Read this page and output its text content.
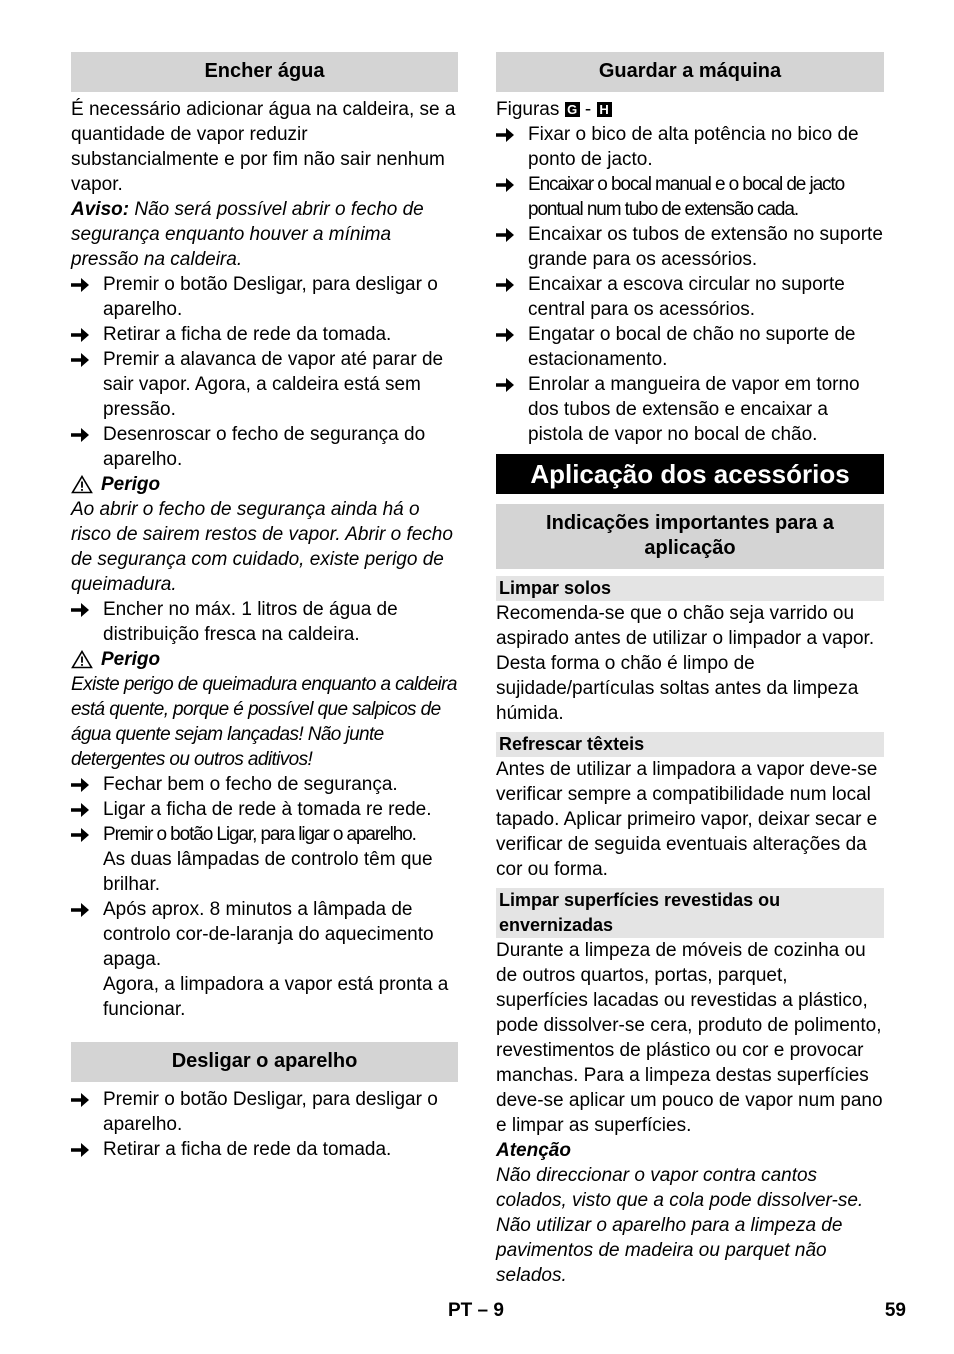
Encher água

É necessário adicionar água na caldeira, se a quantidade de vapor reduzir substancialmente e por fim não sair nenhum vapor.

Aviso: Não será possível abrir o fecho de segurança enquanto houver a mínima pressão na caldeira.

Premir o botão Desligar, para desligar o aparelho.
Retirar a ficha de rede da tomada.
Premir a alavanca de vapor até parar de sair vapor. Agora, a caldeira está sem pressão.
Desenroscar o fecho de segurança do aparelho.
Perigo

Ao abrir o fecho de segurança ainda há o risco de sairem restos de vapor. Abrir o fecho de segurança com cuidado, existe perigo de queimadura.

Encher no máx. 1 litros de água de distribuição fresca na caldeira.
Perigo

Existe perigo de queimadura enquanto a caldeira está quente, porque é possível que salpicos de água quente sejam lançadas! Não junte detergentes ou outros aditivos!

Fechar bem o fecho de segurança.
Ligar a ficha de rede à tomada re rede.
Premir o botão Ligar, para ligar o aparelho.

As duas lâmpadas de controlo têm que brilhar.

Após aprox. 8 minutos a lâmpada de controlo cor-de-laranja do aquecimento apaga.

Agora, a limpadora a vapor está pronta a funcionar.

Desligar o aparelho
Premir o botão Desligar, para desligar o aparelho.
Retirar a ficha de rede da tomada.
Guardar a máquina

Figuras G - H

Fixar o bico de alta potência no bico de ponto de jacto.
Encaixar o bocal manual e o bocal de jacto pontual num tubo de extensão cada.
Encaixar os tubos de extensão no suporte grande para os acessórios.
Encaixar a escova circular no suporte central para os acessórios.
Engatar o bocal de chão no suporte de estacionamento.
Enrolar a mangueira de vapor em torno dos tubos de extensão e encaixar a pistola de vapor no bocal de chão.
Aplicação dos acessórios
Indicações importantes para a aplicação
Limpar solos

Recomenda-se que o chão seja varrido ou aspirado antes de utilizar o limpador a vapor. Desta forma o chão é limpo de sujidade/partículas soltas antes da limpeza húmida.

Refrescar têxteis

Antes de utilizar a limpadora a vapor deve-se verificar sempre a compatibilidade num local tapado. Aplicar primeiro vapor, deixar secar e verificar de seguida eventuais alterações da cor ou forma.

Limpar superfícies revestidas ou envernizadas

Durante a limpeza de móveis de cozinha ou de outros quartos, portas, parquet, superfícies lacadas ou revestidas a plástico, pode dissolver-se cera, produto de polimento, revestimentos de plástico ou cor e provocar manchas. Para a limpeza destas superfícies deve-se aplicar um pouco de vapor num pano e limpar as superfícies.

Atenção

Não direccionar o vapor contra cantos colados, visto que a cola pode dissolver-se. Não utilizar o aparelho para a limpeza de pavimentos de madeira ou parquet não selados.

PT – 9	59
